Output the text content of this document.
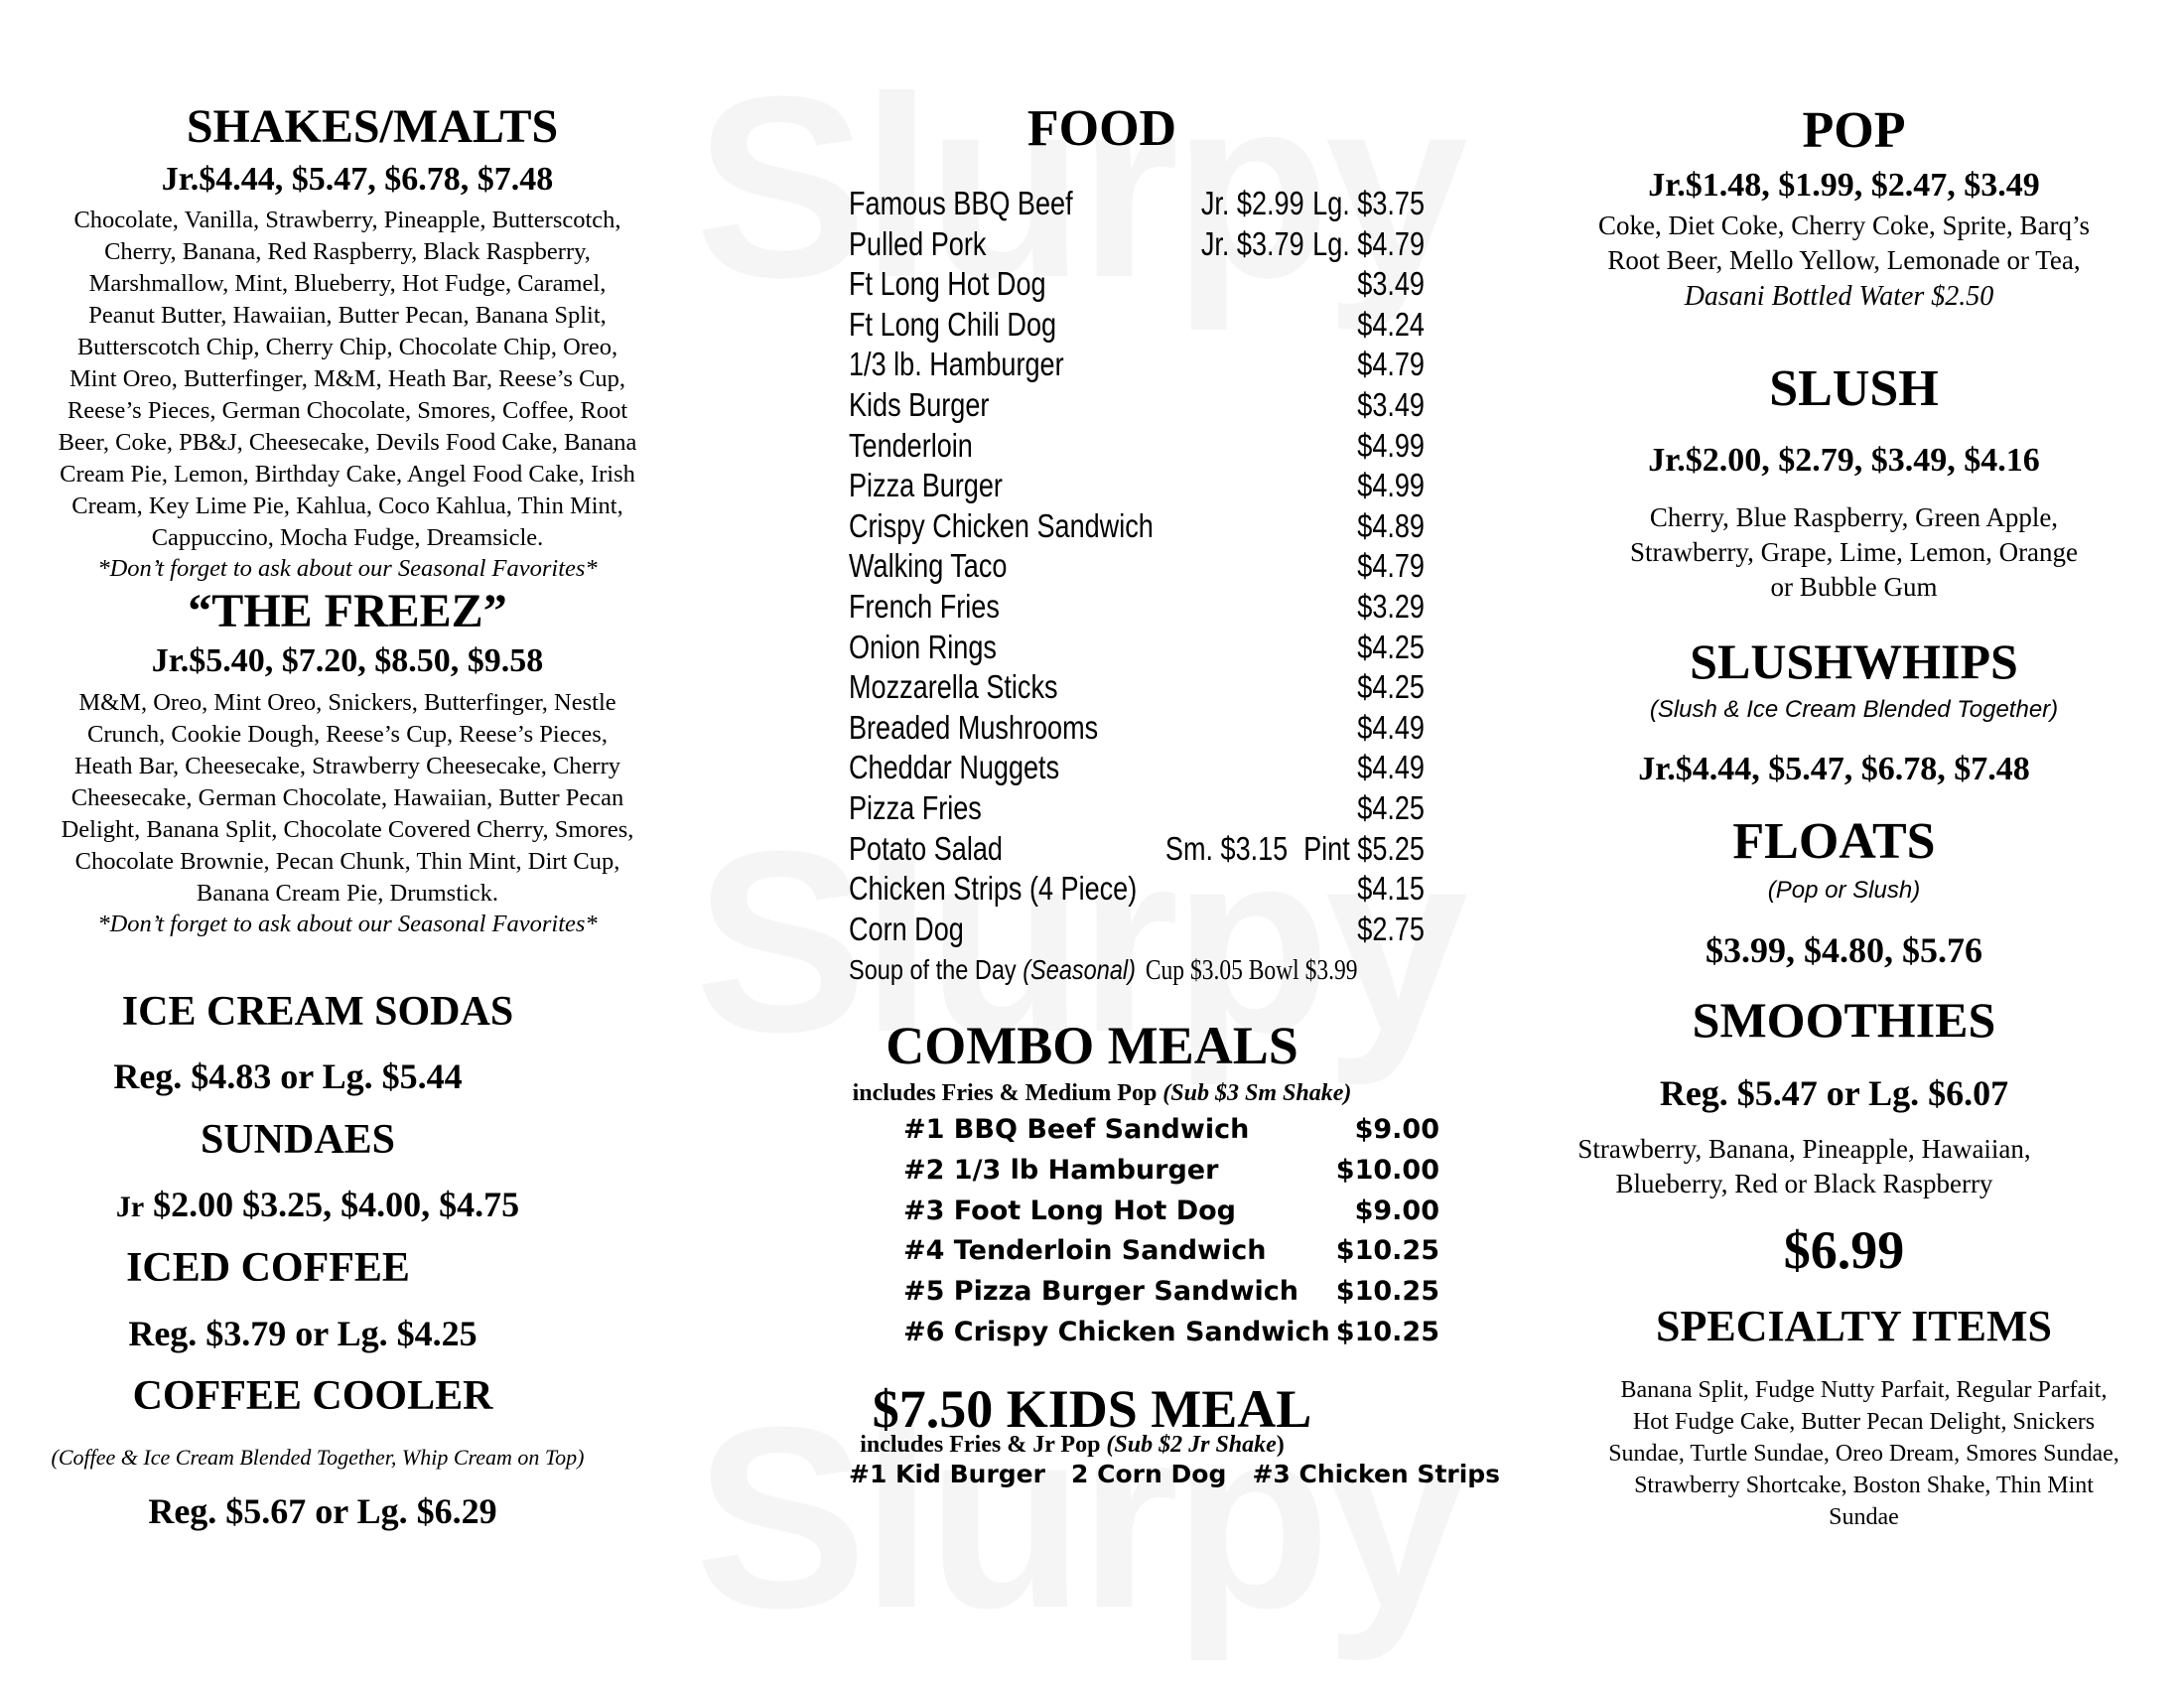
SHAKES/MALTS
Jr.$4.44, $5.47, $6.78, $7.48
Chocolate, Vanilla, Strawberry, Pineapple, Butterscotch,
Cherry, Banana, Red Raspberry, Black Raspberry,
Marshmallow, Mint, Blueberry, Hot Fudge, Caramel,
Peanut Butter, Hawaiian, Butter Pecan, Banana Split,
Butterscotch Chip, Cherry Chip, Chocolate Chip, Oreo,
Mint Oreo, Butterfinger, M&M, Heath Bar, Reese’s Cup,
Reese’s Pieces, German Chocolate, Smores, Coffee, Root
Beer, Coke, PB&J, Cheesecake, Devils Food Cake, Banana
Cream Pie, Lemon, Birthday Cake, Angel Food Cake, Irish
Cream, Key Lime Pie, Kahlua, Coco Kahlua, Thin Mint,
Cappuccino, Mocha Fudge, Dreamsicle.
*Don’t forget to ask about our Seasonal Favorites*
“THE FREEZ”
Jr.$5.40, $7.20, $8.50, $9.58
M&M, Oreo, Mint Oreo, Snickers, Butterfinger, Nestle
Crunch, Cookie Dough, Reese’s Cup, Reese’s Pieces,
Heath Bar, Cheesecake, Strawberry Cheesecake, Cherry
Cheesecake, German Chocolate, Hawaiian, Butter Pecan
Delight, Banana Split, Chocolate Covered Cherry, Smores,
Chocolate Brownie, Pecan Chunk, Thin Mint, Dirt Cup,
Banana Cream Pie, Drumstick.
*Don’t forget to ask about our Seasonal Favorites*
ICE CREAM SODAS
Reg. $4.83 or Lg. $5.44
SUNDAES
Jr $2.00 $3.25, $4.00, $4.75
ICED COFFEE
Reg. $3.79 or Lg. $4.25
COFFEE COOLER
(Coffee & Ice Cream Blended Together, Whip Cream on Top)
Reg. $5.67 or Lg. $6.29
FOOD
Famous BBQ Beef	Jr. $2.99 Lg. $3.75
Pulled Pork	Jr. $3.79 Lg. $4.79
Ft Long Hot Dog	$3.49
Ft Long Chili Dog	$4.24
1/3 lb. Hamburger	$4.79
Kids Burger	$3.49
Tenderloin	$4.99
Pizza Burger	$4.99
Crispy Chicken Sandwich	$4.89
Walking Taco	$4.79
French Fries	$3.29
Onion Rings	$4.25
Mozzarella Sticks	$4.25
Breaded Mushrooms	$4.49
Cheddar Nuggets	$4.49
Pizza Fries	$4.25
Potato Salad	Sm. $3.15 Pint $5.25
Chicken Strips (4 Piece)	$4.15
Corn Dog	$2.75
Soup of the Day (Seasonal) Cup $3.05 Bowl $3.99
COMBO MEALS
includes Fries & Medium Pop (Sub $3 Sm Shake)
#1 BBQ Beef Sandwich	$9.00
#2 1/3 lb Hamburger	$10.00
#3 Foot Long Hot Dog	$9.00
#4 Tenderloin Sandwich	$10.25
#5 Pizza Burger Sandwich $10.25
#6 Crispy Chicken Sandwich $10.25
$7.50 KIDS MEAL
includes Fries & Jr Pop (Sub $2 Jr Shake)
#1 Kid Burger   2 Corn Dog   #3 Chicken Strips
POP
Jr.$1.48, $1.99, $2.47, $3.49
Coke, Diet Coke, Cherry Coke, Sprite, Barq’s
Root Beer, Mello Yellow, Lemonade or Tea,
Dasani Bottled Water $2.50
SLUSH
Jr.$2.00, $2.79, $3.49, $4.16
Cherry, Blue Raspberry, Green Apple,
Strawberry, Grape, Lime, Lemon, Orange
or Bubble Gum
SLUSHWHIPS
(Slush & Ice Cream Blended Together)
Jr.$4.44, $5.47, $6.78, $7.48
FLOATS
(Pop or Slush)
$3.99, $4.80, $5.76
SMOOTHIES
Reg. $5.47 or Lg. $6.07
Strawberry, Banana, Pineapple, Hawaiian,
Blueberry, Red or Black Raspberry
$6.99
SPECIALTY ITEMS
Banana Split, Fudge Nutty Parfait, Regular Parfait,
Hot Fudge Cake, Butter Pecan Delight, Snickers
Sundae, Turtle Sundae, Oreo Dream, Smores Sundae,
Strawberry Shortcake, Boston Shake, Thin Mint
Sundae
